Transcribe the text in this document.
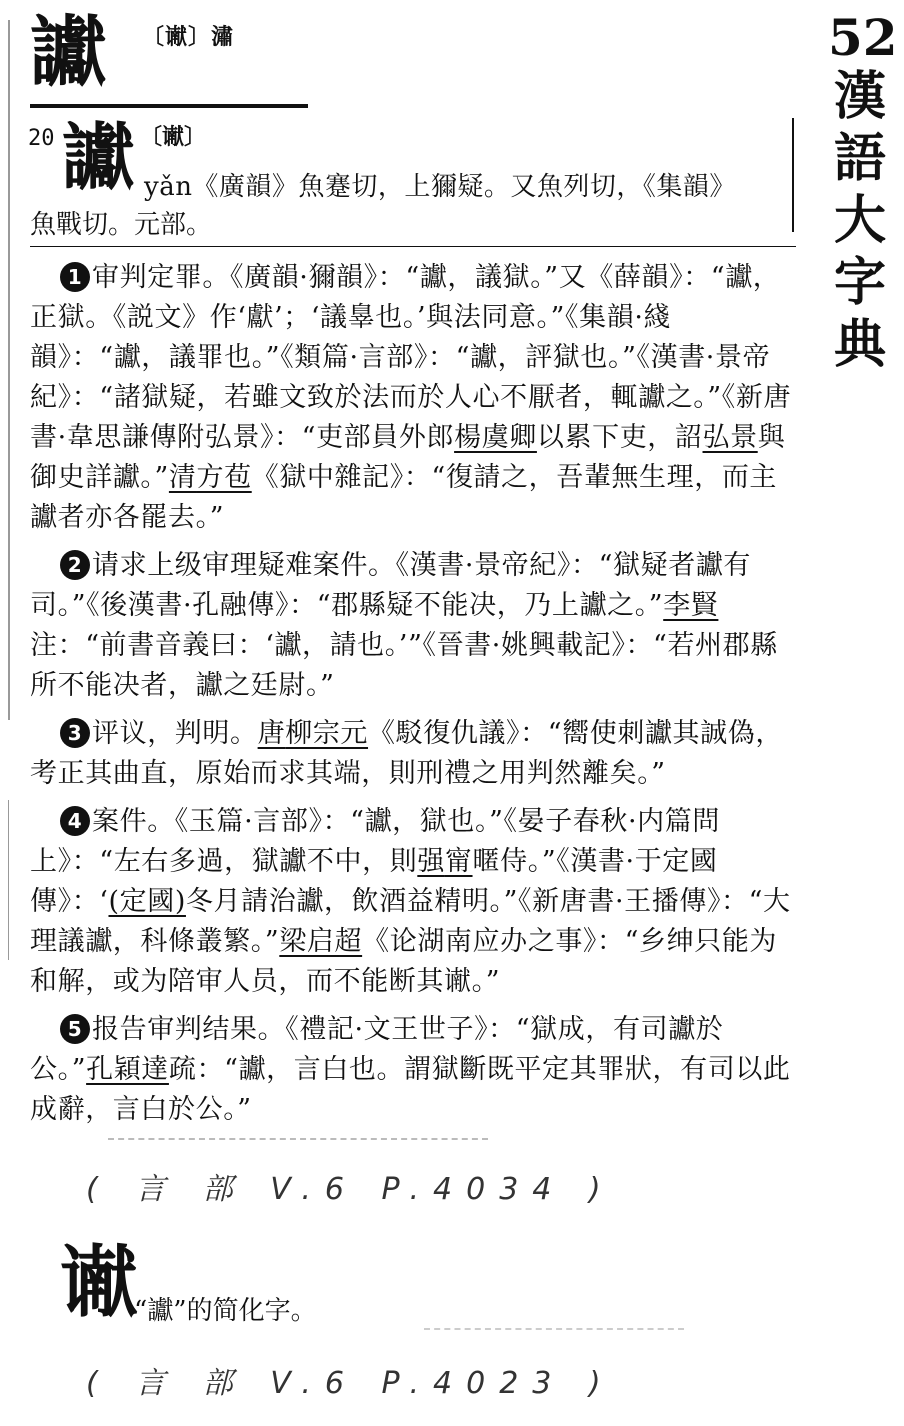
讞 〔谳〕潚	52
漢
語
大
字
典
20 讞 〔谳〕
yǎn《廣韻》魚蹇切，上獮疑。又魚列切，《集韻》
魚戰切。元部。

1 审判定罪。《廣韻·獮韻》：“讞，議獄。”又《薛韻》：“讞，正獄。《説文》作‘獻’；‘議辠也。’與法同意。”《集韻·綫韻》：“讞，議罪也。”《類篇·言部》：“讞，評獄也。”《漢書·景帝紀》：“諸獄疑，若雖文致於法而於人心不厭者，輒讞之。”《新唐書·韋思謙傳附弘景》：“吏部員外郎楊虞卿以累下吏，詔弘景與御史詳讞。”清方苞《獄中雜記》：“復請之，吾輩無生理，而主讞者亦各罷去。”

2 请求上级审理疑难案件。《漢書·景帝紀》：“獄疑者讞有司。”《後漢書·孔融傳》：“郡縣疑不能决，乃上讞之。”李賢注：“前書音義曰：‘讞，請也。’”《晉書·姚興載記》：“若州郡縣所不能决者，讞之廷尉。”

3 评议，判明。唐柳宗元《駁復仇議》：“嚮使刺讞其誠偽，考正其曲直，原始而求其端，則刑禮之用判然離矣。”

4 案件。《玉篇·言部》：“讞，獄也。”《晏子春秋·内篇問上》：“左右多過，獄讞不中，則强甯暱侍。”《漢書·于定國傳》：‘(定國)冬月請治讞，飲酒益精明。”《新唐書·王播傳》：“大理議讞，科條叢繁。”梁启超《论湖南应办之事》：“乡绅只能为和解，或为陪审人员，而不能断其谳。”

5 报告审判结果。《禮記·文王世子》：“獄成，有司讞於公。”孔穎達疏：“讞，言白也。謂獄斷既平定其罪狀，有司以此成辭，言白於公。”

( 言 部 V.6 P.4034 )
谳
“讞”的简化字。
( 言 部 V.6 P.4023 )
